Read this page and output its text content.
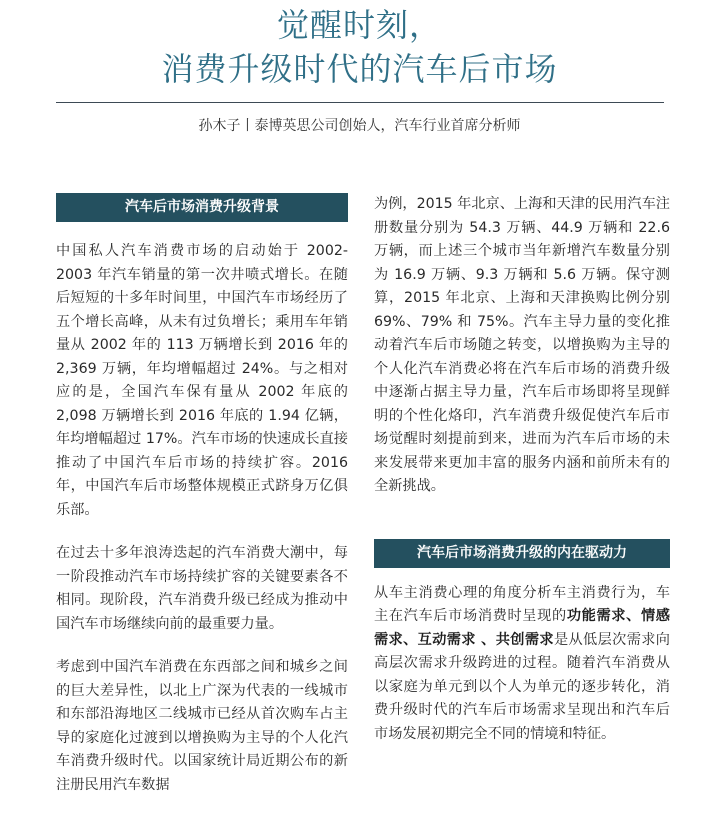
觉醒时刻，
消费升级时代的汽车后市场
孙木子丨泰博英思公司创始人，汽车行业首席分析师
汽车后市场消费升级背景

中国私人汽车消费市场的启动始于 2002-2003 年汽车销量的第一次井喷式增长。在随后短短的十多年时间里，中国汽车市场经历了五个增长高峰，从未有过负增长；乘用车年销量从 2002 年的 113 万辆增长到 2016 年的 2,369 万辆，年均增幅超过 24%。与之相对应的是，全国汽车保有量从 2002 年底的 2,098 万辆增长到 2016 年底的 1.94 亿辆，年均增幅超过 17%。汽车市场的快速成长直接推动了中国汽车后市场的持续扩容。2016 年，中国汽车后市场整体规模正式跻身万亿俱乐部。

在过去十多年浪涛迭起的汽车消费大潮中，每一阶段推动汽车市场持续扩容的关键要素各不相同。现阶段，汽车消费升级已经成为推动中国汽车市场继续向前的最重要力量。

考虑到中国汽车消费在东西部之间和城乡之间的巨大差异性，以北上广深为代表的一线城市和东部沿海地区二线城市已经从首次购车占主导的家庭化过渡到以增换购为主导的个人化汽车消费升级时代。以国家统计局近期公布的新注册民用汽车数据

为例，2015 年北京、上海和天津的民用汽车注册数量分别为 54.3 万辆、44.9 万辆和 22.6 万辆，而上述三个城市当年新增汽车数量分别为 16.9 万辆、9.3 万辆和 5.6 万辆。保守测算，2015 年北京、上海和天津换购比例分别 69%、79% 和 75%。汽车主导力量的变化推动着汽车后市场随之转变，以增换购为主导的个人化汽车消费必将在汽车后市场的消费升级中逐渐占据主导力量，汽车后市场即将呈现鲜明的个性化烙印，汽车消费升级促使汽车后市场觉醒时刻提前到来，进而为汽车后市场的未来发展带来更加丰富的服务内涵和前所未有的全新挑战。

汽车后市场消费升级的内在驱动力

从车主消费心理的角度分析车主消费行为，车主在汽车后市场消费时呈现的功能需求、情感需求、互动需求 、共创需求是从低层次需求向高层次需求升级跨进的过程。随着汽车消费从以家庭为单元到以个人为单元的逐步转化，消费升级时代的汽车后市场需求呈现出和汽车后市场发展初期完全不同的情境和特征。
